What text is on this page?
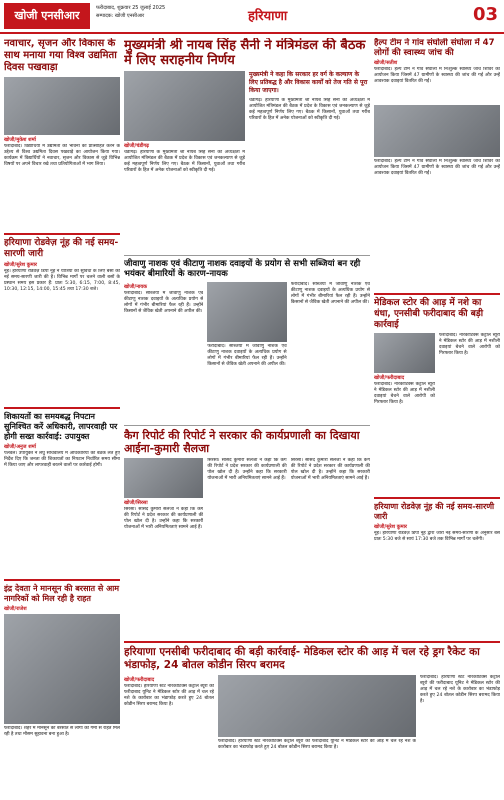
खोजी एनसीआर
फरीदाबाद, शुक्रवार 25 जुलाई 2025
सम्पादक: खोजी एनसीआर	हरियाणा	03
नवाचार, सृजन और विकास के साथ मनाया गया विश्व उद्यमिता दिवस पखवाड़ा
खोजी/मुकेश शर्मा
फरीदाबाद। विद्यार्थियों में उद्यमिता की भावना को प्रोत्साहित करने के उद्देश्य से विश्व उद्यमिता दिवस पखवाड़े का आयोजन किया गया। कार्यक्रम में विद्यार्थियों ने नवाचार, सृजन और विकास से जुड़े विभिन्न विषयों पर अपने विचार रखे तथा प्रतियोगिताओं में भाग लिया।
हरियाणा रोडवेज़ नूंह की नई समय-सारणी जारी
खोजी/सुरेश कुमार
नूंह। हरियाणा रोडवेज़ डिपो नूंह ने यात्रियों की सुविधा के लिए बसों की नई समय-सारणी जारी की है। विभिन्न मार्गों पर चलने वाली बसों के प्रस्थान समय इस प्रकार हैं: प्रातः 5:30, 6:15, 7:00, 8:45, 10:30, 12:15, 14:00, 15:45 तथा 17:30 बजे।
शिकायतों का समयबद्ध निपटान सुनिश्चित करें अधिकारी, लापरवाही पर होगी सख्त कार्रवाई: उपायुक्त
खोजी/अनुज शर्मा
पलवल। उपायुक्त ने लघु सचिवालय में अधिकारियों की बैठक लेते हुए निर्देश दिए कि जनता की शिकायतों का निपटान निर्धारित समय सीमा में किया जाए और लापरवाही बरतने वालों पर कार्रवाई होगी।
इंद्र देवता ने मानसून की बरसात से आम नागरिकों को मिल रही है राहत
खोजी/राजेश
फरीदाबाद। शहर में मानसून की बरसात से लोगों को गर्मी से राहत मिल रही है तथा मौसम सुहावना बना हुआ है।
मुख्यमंत्री श्री नायब सिंह सैनी ने मंत्रिमंडल की बैठक में लिए सराहनीय निर्णय
खोजी/चंडीगढ़
चंडीगढ़। हरियाणा के मुख्यमंत्री श्री नायब सिंह सैनी की अध्यक्षता में आयोजित मंत्रिमंडल की बैठक में प्रदेश के विकास एवं जनकल्याण से जुड़े कई महत्वपूर्ण निर्णय लिए गए। बैठक में किसानों, युवाओं तथा गरीब परिवारों के हित में अनेक योजनाओं को स्वीकृति दी गई।
मुख्यमंत्री ने कहा कि सरकार हर वर्ग के कल्याण के लिए प्रतिबद्ध है और विकास कार्यों को तेज गति से पूरा किया जाएगा।
चंडीगढ़। हरियाणा के मुख्यमंत्री श्री नायब सिंह सैनी की अध्यक्षता में आयोजित मंत्रिमंडल की बैठक में प्रदेश के विकास एवं जनकल्याण से जुड़े कई महत्वपूर्ण निर्णय लिए गए। बैठक में किसानों, युवाओं तथा गरीब परिवारों के हित में अनेक योजनाओं को स्वीकृति दी गई।
जीवाणु नाशक एवं कीटाणु नाशक दवाइयों के प्रयोग से सभी सब्जियां बन रही भयंकर बीमारियों के कारण-नायक
खोजी/नायक
फरीदाबाद। सब्जियों में जीवाणु नाशक एवं कीटाणु नाशक दवाइयों के अत्यधिक प्रयोग से लोगों में गंभीर बीमारियां फैल रही हैं। उन्होंने किसानों से जैविक खेती अपनाने की अपील की।
फरीदाबाद। सब्जियों में जीवाणु नाशक एवं कीटाणु नाशक दवाइयों के अत्यधिक प्रयोग से लोगों में गंभीर बीमारियां फैल रही हैं। उन्होंने किसानों से जैविक खेती अपनाने की अपील की।
फरीदाबाद। सब्जियों में जीवाणु नाशक एवं कीटाणु नाशक दवाइयों के अत्यधिक प्रयोग से लोगों में गंभीर बीमारियां फैल रही हैं। उन्होंने किसानों से जैविक खेती अपनाने की अपील की।
कैग रिपोर्ट की रिपोर्ट ने सरकार की कार्यप्रणाली का दिखाया आईना-कुमारी सैलजा
खोजी/सिरसा
सिरसा। सांसद कुमारी सैलजा ने कहा कि कैग की रिपोर्ट ने प्रदेश सरकार की कार्यप्रणाली की पोल खोल दी है। उन्होंने कहा कि सरकारी योजनाओं में भारी अनियमितताएं सामने आई हैं।
सिरसा। सांसद कुमारी सैलजा ने कहा कि कैग की रिपोर्ट ने प्रदेश सरकार की कार्यप्रणाली की पोल खोल दी है। उन्होंने कहा कि सरकारी योजनाओं में भारी अनियमितताएं सामने आई हैं।
सिरसा। सांसद कुमारी सैलजा ने कहा कि कैग की रिपोर्ट ने प्रदेश सरकार की कार्यप्रणाली की पोल खोल दी है। उन्होंने कहा कि सरकारी योजनाओं में भारी अनियमितताएं सामने आई हैं।
हैल्प टीम ने गांव संघोली संघोला में 47 लोगों की स्वास्थ्य जांच की
खोजी/सतीश
फरीदाबाद। हैल्प टीम ने गांव संघोली में निःशुल्क स्वास्थ्य जांच शिविर का आयोजन किया जिसमें 47 ग्रामीणों के स्वास्थ्य की जांच की गई और उन्हें आवश्यक दवाइयां वितरित की गईं।
फरीदाबाद। हैल्प टीम ने गांव संघोली में निःशुल्क स्वास्थ्य जांच शिविर का आयोजन किया जिसमें 47 ग्रामीणों के स्वास्थ्य की जांच की गई और उन्हें आवश्यक दवाइयां वितरित की गईं।
मेडिकल स्टोर की आड़ में नशे का धंधा, एनसीबी फरीदाबाद की बड़ी कार्रवाई
खोजी/फरीदाबाद
फरीदाबाद। नारकोटिक्स कंट्रोल ब्यूरो ने मेडिकल स्टोर की आड़ में नशीली दवाइयां बेचने वाले आरोपी को गिरफ्तार किया है।
फरीदाबाद। नारकोटिक्स कंट्रोल ब्यूरो ने मेडिकल स्टोर की आड़ में नशीली दवाइयां बेचने वाले आरोपी को गिरफ्तार किया है।
हरियाणा रोडवेज़ नूंह की नई समय-सारणी जारी
खोजी/सुरेश कुमार
नूंह। हरियाणा रोडवेज़ डिपो नूंह द्वारा जारी नई समय-सारणी के अनुसार बसें प्रातः 5:30 बजे से सायं 17:30 बजे तक विभिन्न मार्गों पर चलेंगी।
हरियाणा एनसीबी फरीदाबाद की बड़ी कार्रवाई- मेडिकल स्टोर की आड़ में चल रहे ड्रग रैकेट का भंडाफोड़, 24 बोतल कोडीन सिरप बरामद
खोजी/फरीदाबाद
फरीदाबाद। हरियाणा स्टेट नारकोटिक्स कंट्रोल ब्यूरो की फरीदाबाद यूनिट ने मेडिकल स्टोर की आड़ में चल रहे नशे के कारोबार का भंडाफोड़ करते हुए 24 बोतल कोडीन सिरप बरामद किया है।
फरीदाबाद। हरियाणा स्टेट नारकोटिक्स कंट्रोल ब्यूरो की फरीदाबाद यूनिट ने मेडिकल स्टोर की आड़ में चल रहे नशे के कारोबार का भंडाफोड़ करते हुए 24 बोतल कोडीन सिरप बरामद किया है।
फरीदाबाद। हरियाणा स्टेट नारकोटिक्स कंट्रोल ब्यूरो की फरीदाबाद यूनिट ने मेडिकल स्टोर की आड़ में चल रहे नशे के कारोबार का भंडाफोड़ करते हुए 24 बोतल कोडीन सिरप बरामद किया है।
